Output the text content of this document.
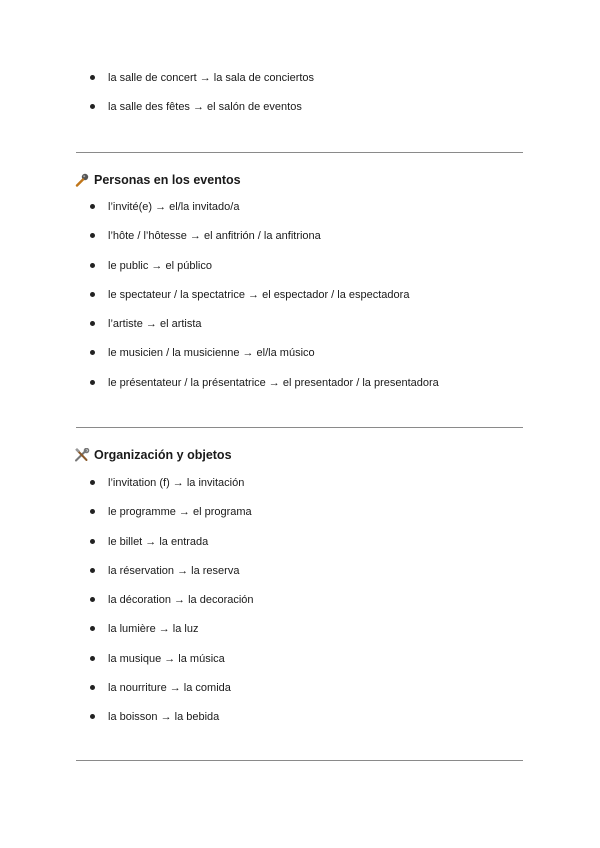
la salle de concert → la sala de conciertos
la salle des fêtes → el salón de eventos
Personas en los eventos
l’invité(e) → el/la invitado/a
l’hôte / l’hôtesse → el anfitrión / la anfitriona
le public → el público
le spectateur / la spectatrice → el espectador / la espectadora
l’artiste → el artista
le musicien / la musicienne → el/la músico
le présentateur / la présentatrice → el presentador / la presentadora
Organización y objetos
l’invitation (f) → la invitación
le programme → el programa
le billet → la entrada
la réservation → la reserva
la décoration → la decoración
la lumière → la luz
la musique → la música
la nourriture → la comida
la boisson → la bebida
